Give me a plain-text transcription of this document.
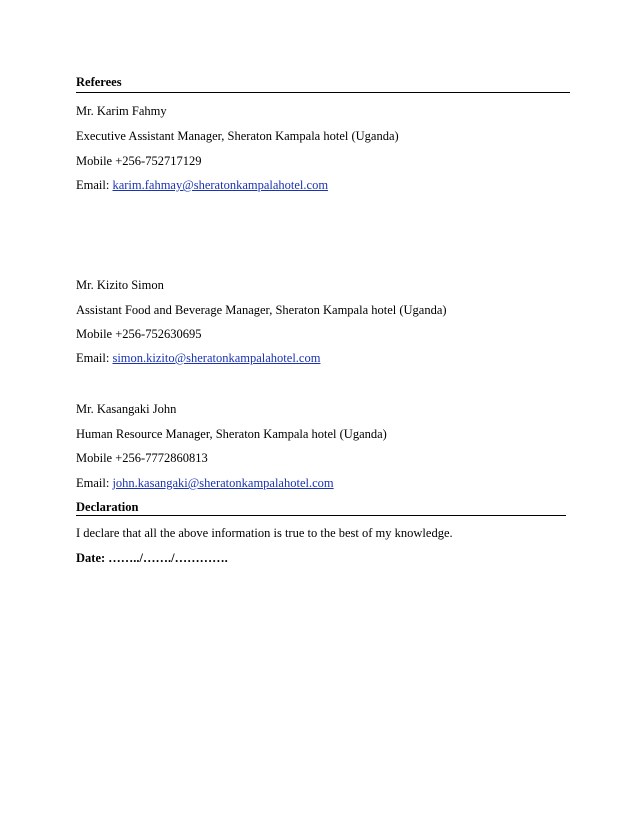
Referees
Mr. Karim Fahmy
Executive Assistant Manager, Sheraton Kampala hotel (Uganda)
Mobile +256-752717129
Email: karim.fahmay@sheratonkampalahotel.com
Mr. Kizito Simon
Assistant Food and Beverage Manager, Sheraton Kampala hotel (Uganda)
Mobile +256-752630695
Email: simon.kizito@sheratonkampalahotel.com
Mr. Kasangaki John
Human Resource Manager, Sheraton Kampala hotel (Uganda)
Mobile +256-7772860813
Email: john.kasangaki@sheratonkampalahotel.com
Declaration
I declare that all the above information is true to the best of my knowledge.
Date: ……../……./………….
